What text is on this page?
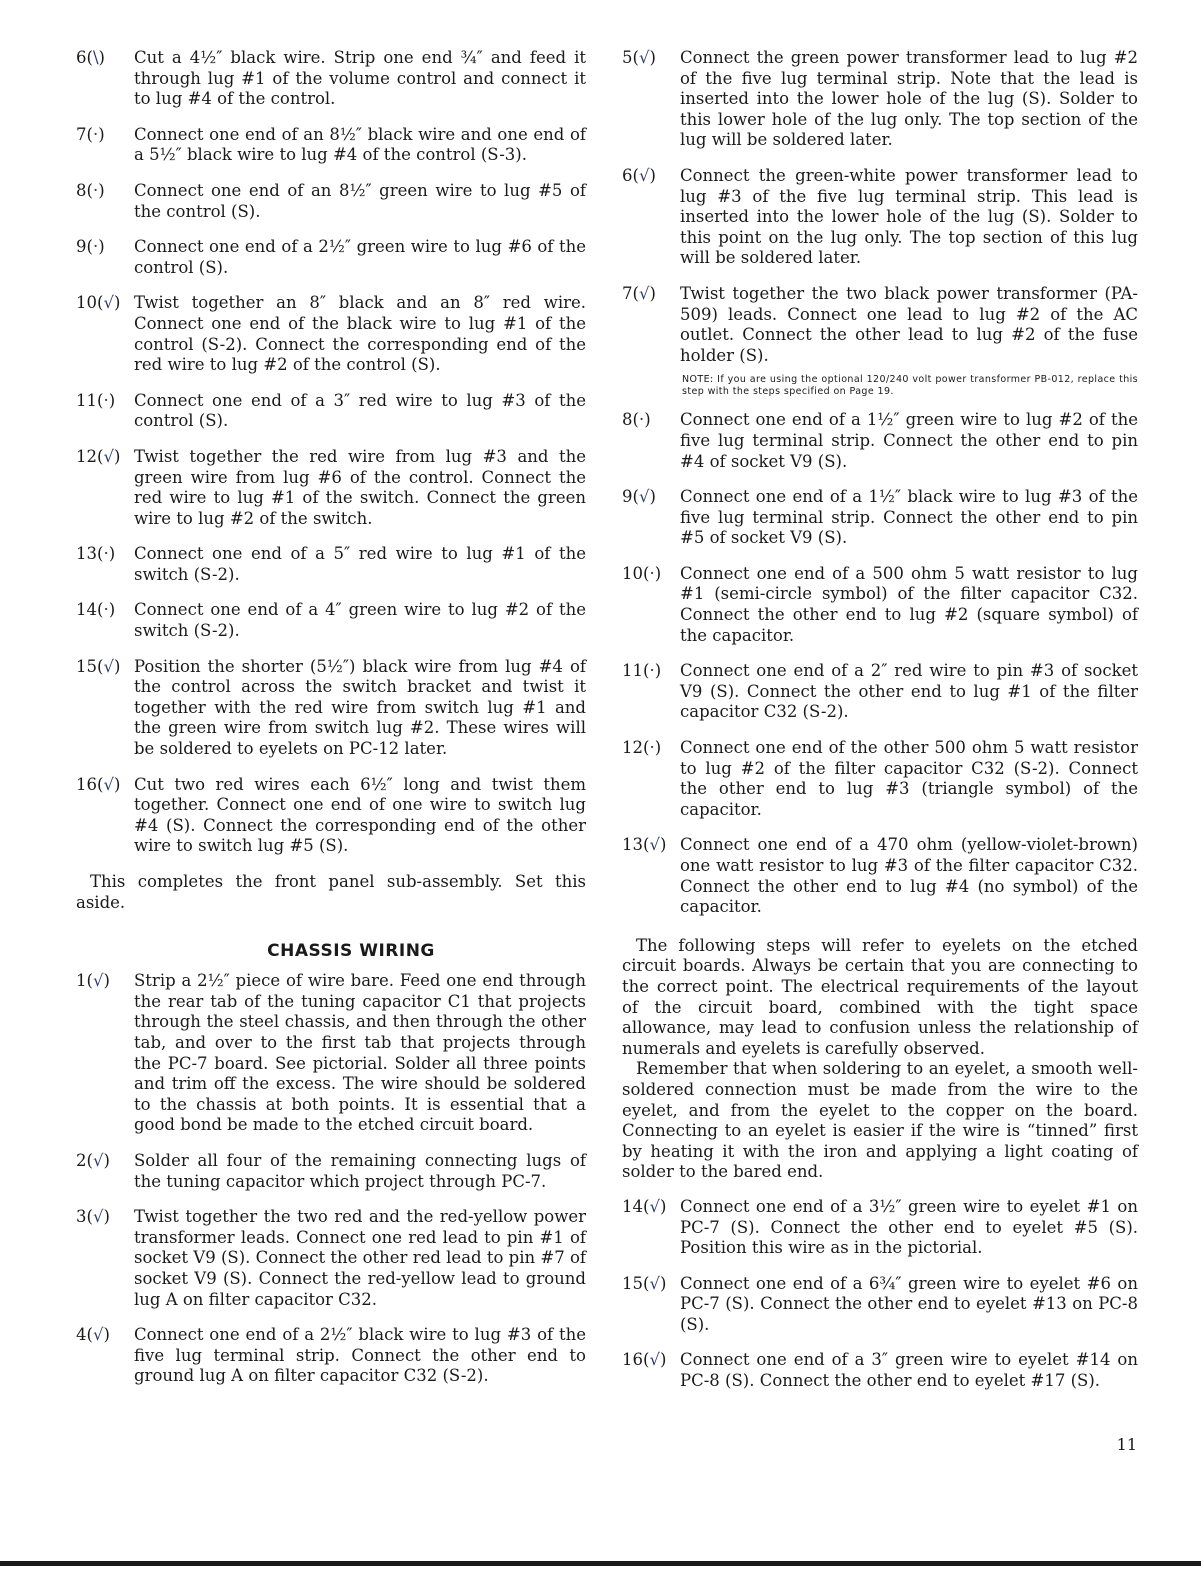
6(\)	Cut a 4½″ black wire. Strip one end ¾″ and feed it through lug #1 of the volume control and connect it to lug #4 of the control.
7(·)	Connect one end of an 8½″ black wire and one end of a 5½″ black wire to lug #4 of the control (S-3).
8(·)	Connect one end of an 8½″ green wire to lug #5 of the control (S).
9(·)	Connect one end of a 2½″ green wire to lug #6 of the control (S).
10(√) Twist together an 8″ black and an 8″ red wire. Connect one end of the black wire to lug #1 of the control (S-2). Connect the corresponding end of the red wire to lug #2 of the control (S).
11(·)	Connect one end of a 3″ red wire to lug #3 of the control (S).
12(√) Twist together the red wire from lug #3 and the green wire from lug #6 of the control. Connect the red wire to lug #1 of the switch. Connect the green wire to lug #2 of the switch.
13(·)	Connect one end of a 5″ red wire to lug #1 of the switch (S-2).
14(·)	Connect one end of a 4″ green wire to lug #2 of the switch (S-2).
15(√) Position the shorter (5½″) black wire from lug #4 of the control across the switch bracket and twist it together with the red wire from switch lug #1 and the green wire from switch lug #2. These wires will be soldered to eyelets on PC-12 later.
16(√) Cut two red wires each 6½″ long and twist them together. Connect one end of one wire to switch lug #4 (S). Connect the corresponding end of the other wire to switch lug #5 (S).

This completes the front panel sub-assembly. Set this aside.

CHASSIS WIRING
1(√)	Strip a 2½″ piece of wire bare. Feed one end through the rear tab of the tuning capacitor C1 that projects through the steel chassis, and then through the other tab, and over to the first tab that projects through the PC-7 board. See pictorial. Solder all three points and trim off the excess. The wire should be soldered to the chassis at both points. It is essential that a good bond be made to the etched circuit board.
2(√)	Solder all four of the remaining connecting lugs of the tuning capacitor which project through PC-7.
3(√)	Twist together the two red and the red-yellow power transformer leads. Connect one red lead to pin #1 of socket V9 (S). Connect the other red lead to pin #7 of socket V9 (S). Connect the red-yellow lead to ground lug A on filter capacitor C32.
4(√)	Connect one end of a 2½″ black wire to lug #3 of the five lug terminal strip. Connect the other end to ground lug A on filter capacitor C32 (S-2).
5(√)	Connect the green power transformer lead to lug #2 of the five lug terminal strip. Note that the lead is inserted into the lower hole of the lug (S). Solder to this lower hole of the lug only. The top section of the lug will be soldered later.
6(√)	Connect the green-white power transformer lead to lug #3 of the five lug terminal strip. This lead is inserted into the lower hole of the lug (S). Solder to this point on the lug only. The top section of this lug will be soldered later.
7(√)	Twist together the two black power transformer (PA-509) leads. Connect one lead to lug #2 of the AC outlet. Connect the other lead to lug #2 of the fuse holder (S).
NOTE: If you are using the optional 120/240 volt power transformer PB-012, replace this step with the steps specified on Page 19.
8(·)	Connect one end of a 1½″ green wire to lug #2 of the five lug terminal strip. Connect the other end to pin #4 of socket V9 (S).
9(√)	Connect one end of a 1½″ black wire to lug #3 of the five lug terminal strip. Connect the other end to pin #5 of socket V9 (S).
10(·)	Connect one end of a 500 ohm 5 watt resistor to lug #1 (semi-circle symbol) of the filter capacitor C32. Connect the other end to lug #2 (square symbol) of the capacitor.
11(·)	Connect one end of a 2″ red wire to pin #3 of socket V9 (S). Connect the other end to lug #1 of the filter capacitor C32 (S-2).
12(·)	Connect one end of the other 500 ohm 5 watt resistor to lug #2 of the filter capacitor C32 (S-2). Connect the other end to lug #3 (triangle symbol) of the capacitor.
13(√) Connect one end of a 470 ohm (yellow-violet-brown) one watt resistor to lug #3 of the filter capacitor C32. Connect the other end to lug #4 (no symbol) of the capacitor.

The following steps will refer to eyelets on the etched circuit boards. Always be certain that you are connecting to the correct point. The electrical requirements of the layout of the circuit board, combined with the tight space allowance, may lead to confusion unless the relationship of numerals and eyelets is carefully observed.

Remember that when soldering to an eyelet, a smooth well-soldered connection must be made from the wire to the eyelet, and from the eyelet to the copper on the board. Connecting to an eyelet is easier if the wire is “tinned” first by heating it with the iron and applying a light coating of solder to the bared end.

14(√) Connect one end of a 3½″ green wire to eyelet #1 on PC-7 (S). Connect the other end to eyelet #5 (S). Position this wire as in the pictorial.
15(√) Connect one end of a 6¾″ green wire to eyelet #6 on PC-7 (S). Connect the other end to eyelet #13 on PC-8 (S).
16(√) Connect one end of a 3″ green wire to eyelet #14 on PC-8 (S). Connect the other end to eyelet #17 (S).
11
